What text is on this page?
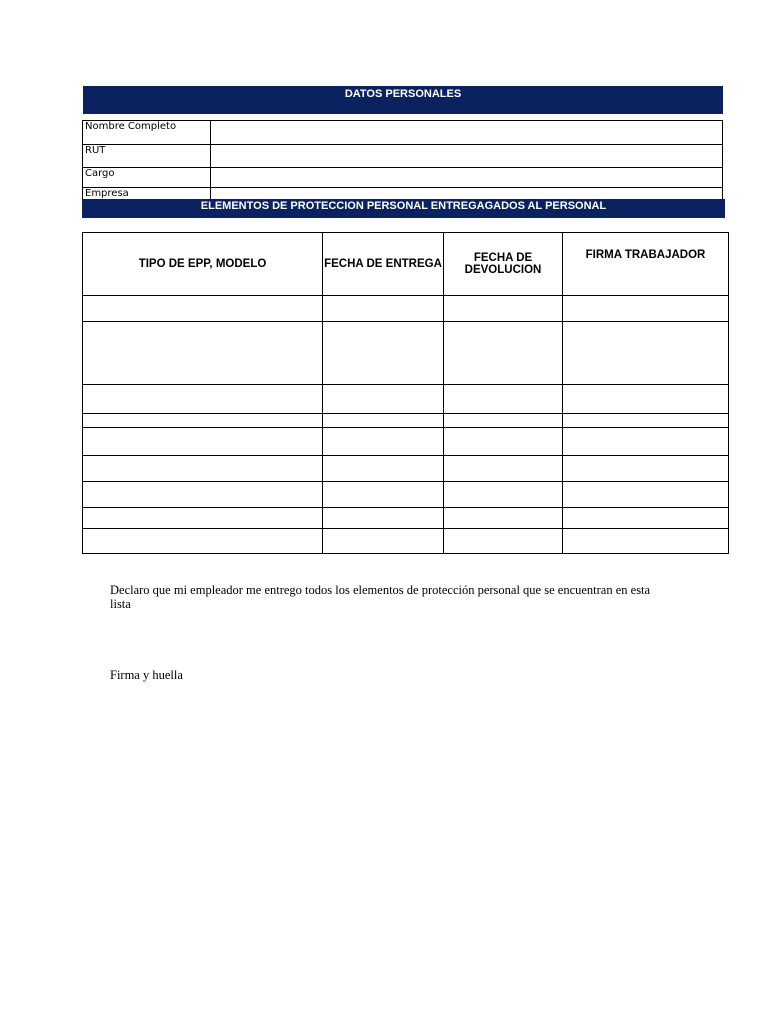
DATOS PERSONALES
Nombre Completo	
RUT	
Cargo	
Empresa	
ELEMENTOS DE PROTECCION PERSONAL ENTREGAGADOS AL PERSONAL
TIPO DE EPP, MODELO	FECHA DE ENTREGA	FECHA DE DEVOLUCION	FIRMA TRABAJADOR

Declaro que mi empleador me entrego todos los elementos de protección personal que se encuentran en esta lista
Firma y huella
